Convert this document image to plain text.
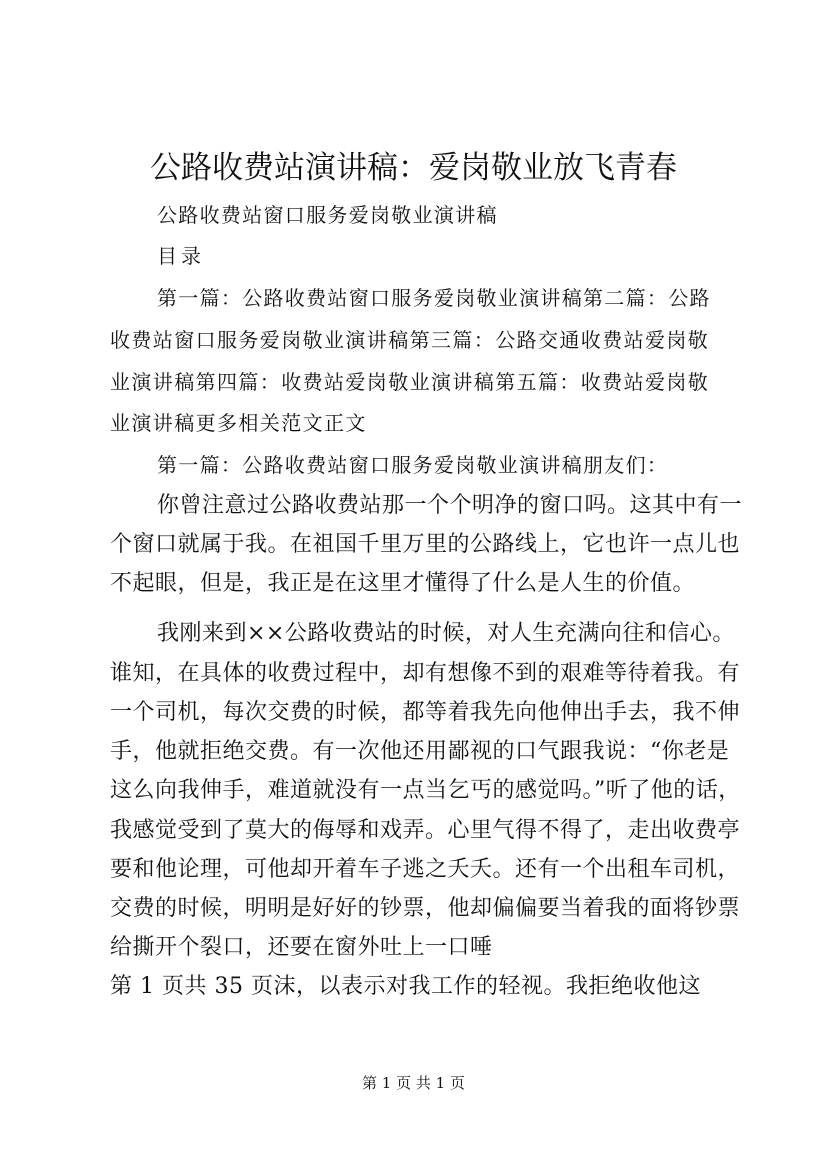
公路收费站演讲稿：爱岗敬业放飞青春

公路收费站窗口服务爱岗敬业演讲稿

目录

第一篇：公路收费站窗口服务爱岗敬业演讲稿第二篇：公路

收费站窗口服务爱岗敬业演讲稿第三篇：公路交通收费站爱岗敬

业演讲稿第四篇：收费站爱岗敬业演讲稿第五篇：收费站爱岗敬

业演讲稿更多相关范文正文

第一篇：公路收费站窗口服务爱岗敬业演讲稿朋友们：

你曾注意过公路收费站那一个个明净的窗口吗。这其中有一

个窗口就属于我。在祖国千里万里的公路线上，它也许一点儿也

不起眼，但是，我正是在这里才懂得了什么是人生的价值。

我刚来到××公路收费站的时候，对人生充满向往和信心。

谁知，在具体的收费过程中，却有想像不到的艰难等待着我。有

一个司机，每次交费的时候，都等着我先向他伸出手去，我不伸

手，他就拒绝交费。有一次他还用鄙视的口气跟我说：“你老是

这么向我伸手，难道就没有一点当乞丐的感觉吗。”听了他的话，

我感觉受到了莫大的侮辱和戏弄。心里气得不得了，走出收费亭

要和他论理，可他却开着车子逃之夭夭。还有一个出租车司机，

交费的时候，明明是好好的钞票，他却偏偏要当着我的面将钞票

给撕开个裂口，还要在窗外吐上一口唾

第 1 页共 35 页沫，以表示对我工作的轻视。我拒绝收他这

第 1 页 共 1 页
